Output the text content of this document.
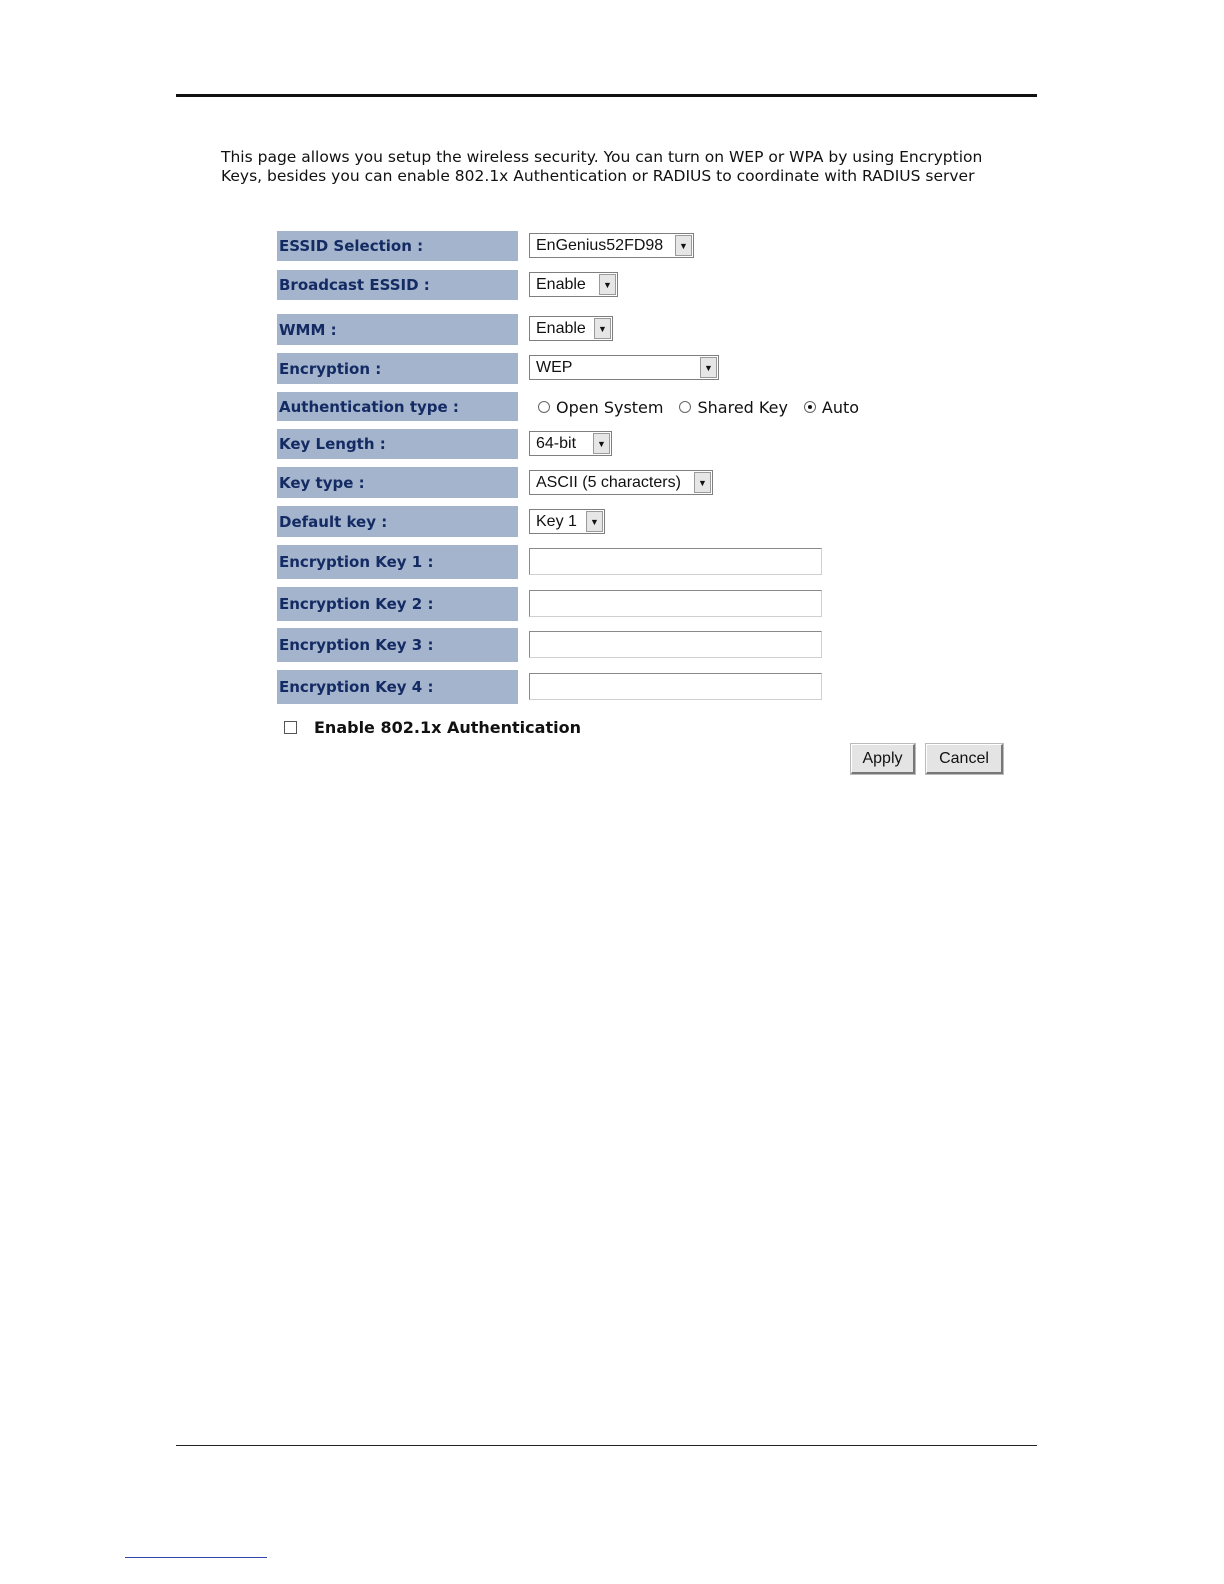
This page allows you setup the wireless security. You can turn on WEP or WPA by using Encryption Keys, besides you can enable 802.1x Authentication or RADIUS to coordinate with RADIUS server
ESSID Selection :	EnGenius52FD98	▼
Broadcast ESSID :	Enable	▼
WMM :	Enable	▼
Encryption :	WEP	▼
Authentication type :	Open System Shared Key Auto
Key Length :	64-bit	▼
Key type :	ASCII (5 characters)	▼
Default key :	Key 1	▼
Encryption Key 1 :
Encryption Key 2 :
Encryption Key 3 :
Encryption Key 4 :
Enable 802.1x Authentication
Apply	Cancel
